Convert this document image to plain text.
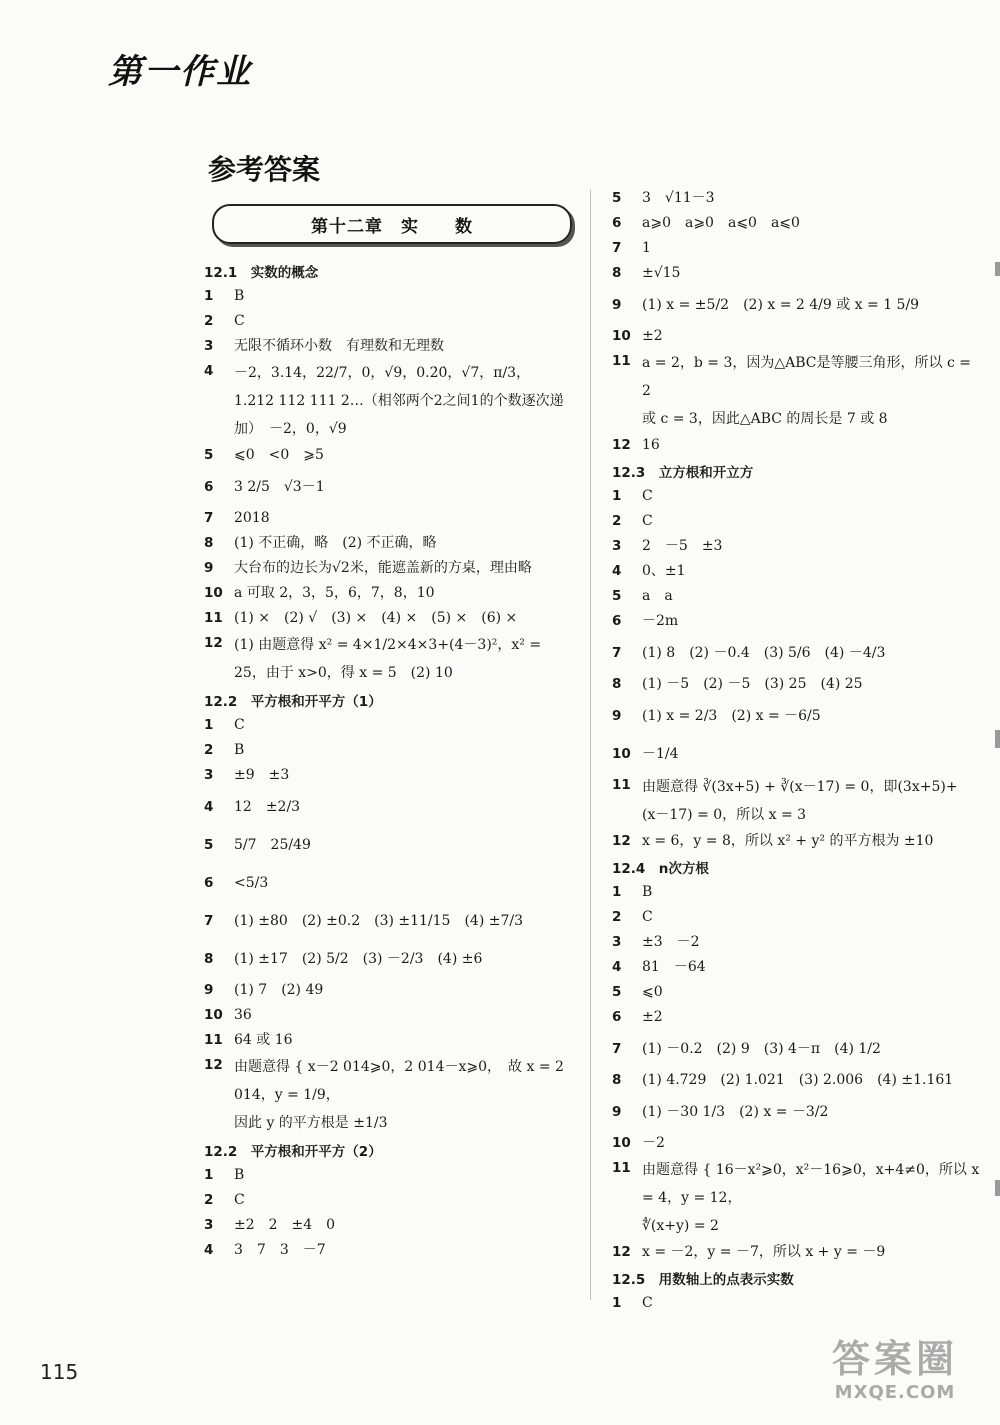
第一作业
参考答案
第十二章　实　　数
12.1　实数的概念
1	B
2	C
3	无限不循环小数　有理数和无理数
4	－2，3.14，22/7，0，√9，0.2̇0̇，√7，π/3，
1.212 112 111 2…（相邻两个2之间1的个数逐次递加）　－2，0，√9
5	⩽0　<0　⩾5
6	3 2/5　√3－1
7	2018
8	(1) 不正确，略　(2) 不正确，略
9	大台布的边长为√2米，能遮盖新的方桌，理由略
10 a 可取 2，3，5，6，7，8，10
11 (1) ×　(2) √　(3) ×　(4) ×　(5) ×　(6) ×
12 (1) 由题意得 x² = 4×1/2×4×3+(4－3)²，x² =
25，由于 x>0，得 x = 5　(2) 10
12.2　平方根和开平方（1）
1	C
2	B
3	±9　±3
4	12　±2/3
5	5/7　25/49
6	<5/3
7	(1) ±80　(2) ±0.2　(3) ±11/15　(4) ±7/3
8	(1) ±17　(2) 5/2　(3) －2/3　(4) ±6
9	(1) 7　(2) 49
10 36
11 64 或 16
12 由题意得 { x－2 014⩾0，2 014－x⩾0，　故 x = 2 014，y = 1/9，
因此 y 的平方根是 ±1/3
12.2　平方根和开平方（2）
1	B
2	C
3	±2　2　±4　0
4	3　7　3　－7
5	3　√11－3
6	a⩾0　a⩾0　a⩽0　a⩽0
7	1
8	±√15
9	(1) x = ±5/2　(2) x = 2 4/9 或 x = 1 5/9
10 ±2
11 a = 2，b = 3，因为△ABC是等腰三角形，所以 c = 2
或 c = 3，因此△ABC 的周长是 7 或 8
12 16
12.3　立方根和开立方
1	C
2	C
3	2　－5　±3
4	0、±1
5	a　a
6	－2m
7	(1) 8　(2) －0.4　(3) 5/6　(4) －4/3
8	(1) －5　(2) －5　(3) 25　(4) 25
9	(1) x = 2/3　(2) x = －6/5
10 －1/4
11 由题意得 ∛(3x+5) + ∛(x－17) = 0，即(3x+5)+
(x－17) = 0，所以 x = 3
12 x = 6，y = 8，所以 x² + y² 的平方根为 ±10
12.4　n次方根
1	B
2	C
3	±3　－2
4	81　－64
5	⩽0
6	±2
7	(1) －0.2　(2) 9　(3) 4－π　(4) 1/2
8	(1) 4.729　(2) 1.021　(3) 2.006　(4) ±1.161
9	(1) －30 1/3　(2) x = －3/2
10 －2
11 由题意得 { 16－x²⩾0，x²－16⩾0，x+4≠0，所以 x = 4，y = 12，
∜(x+y) = 2
12 x = －2，y = －7，所以 x + y = －9
12.5　用数轴上的点表示实数
1	C
115	答案圈
MXQE.COM
